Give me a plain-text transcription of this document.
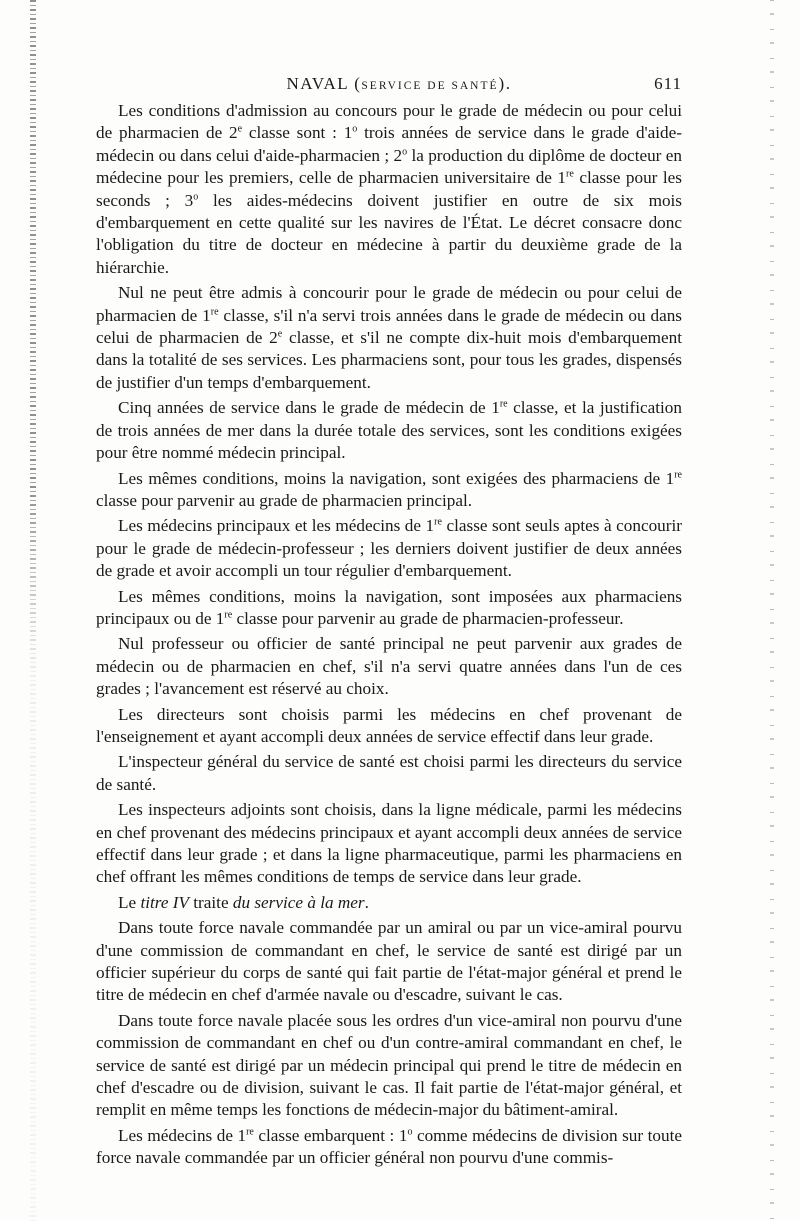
NAVAL (SERVICE DE SANTÉ).	611

Les conditions d'admission au concours pour le grade de médecin ou pour celui de pharmacien de 2e classe sont : 1$^o$ trois années de service dans le grade d'aide-médecin ou dans celui d'aide-pharmacien ; 2$^o$ la production du diplôme de docteur en médecine pour les premiers, celle de pharmacien universitaire de 1re classe pour les seconds ; 3$^o$ les aides-médecins doivent justifier en outre de six mois d'embarquement en cette qualité sur les navires de l'État. Le décret consacre donc l'obligation du titre de docteur en médecine à partir du deuxième grade de la hiérarchie.

Nul ne peut être admis à concourir pour le grade de médecin ou pour celui de pharmacien de 1re classe, s'il n'a servi trois années dans le grade de médecin ou dans celui de pharmacien de 2e classe, et s'il ne compte dix-huit mois d'embarquement dans la totalité de ses services. Les pharmaciens sont, pour tous les grades, dispensés de justifier d'un temps d'embarquement.

Cinq années de service dans le grade de médecin de 1re classe, et la justification de trois années de mer dans la durée totale des services, sont les conditions exigées pour être nommé médecin principal.

Les mêmes conditions, moins la navigation, sont exigées des pharmaciens de 1re classe pour parvenir au grade de pharmacien principal.

Les médecins principaux et les médecins de 1re classe sont seuls aptes à concourir pour le grade de médecin-professeur ; les derniers doivent justifier de deux années de grade et avoir accompli un tour régulier d'embarquement.

Les mêmes conditions, moins la navigation, sont imposées aux pharmaciens principaux ou de 1re classe pour parvenir au grade de pharmacien-professeur.

Nul professeur ou officier de santé principal ne peut parvenir aux grades de médecin ou de pharmacien en chef, s'il n'a servi quatre années dans l'un de ces grades ; l'avancement est réservé au choix.

Les directeurs sont choisis parmi les médecins en chef provenant de l'enseignement et ayant accompli deux années de service effectif dans leur grade.

L'inspecteur général du service de santé est choisi parmi les directeurs du service de santé.

Les inspecteurs adjoints sont choisis, dans la ligne médicale, parmi les médecins en chef provenant des médecins principaux et ayant accompli deux années de service effectif dans leur grade ; et dans la ligne pharmaceutique, parmi les pharmaciens en chef offrant les mêmes conditions de temps de service dans leur grade.

Le titre IV traite du service à la mer.

Dans toute force navale commandée par un amiral ou par un vice-amiral pourvu d'une commission de commandant en chef, le service de santé est dirigé par un officier supérieur du corps de santé qui fait partie de l'état-major général et prend le titre de médecin en chef d'armée navale ou d'escadre, suivant le cas.

Dans toute force navale placée sous les ordres d'un vice-amiral non pourvu d'une commission de commandant en chef ou d'un contre-amiral commandant en chef, le service de santé est dirigé par un médecin principal qui prend le titre de médecin en chef d'escadre ou de division, suivant le cas. Il fait partie de l'état-major général, et remplit en même temps les fonctions de médecin-major du bâtiment-amiral.

Les médecins de 1re classe embarquent : 1$^o$ comme médecins de division sur toute force navale commandée par un officier général non pourvu d'une commis-
